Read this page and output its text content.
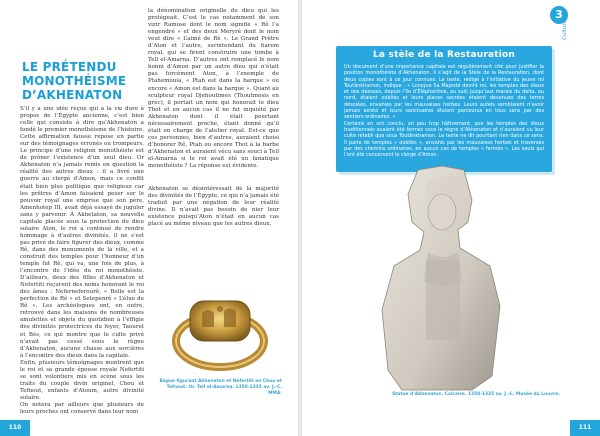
LE PRÉTENDU
MONOTHÉISME
D’AKHENATON

S’il y a une idée reçue qui a la vie dure à propos de l’Égypte ancienne, c’est bien celle qui consiste à dire qu’Akhenaton a fondé le premier monothéisme de l’histoire. Cette affirmation fausse repose en partie sur des témoignages erronés ou trompeurs. Le principe d’une religion monothéiste est de prôner l’existence d’un seul dieu. Or Akhenaton n’a jamais remis en question la réalité des autres dieux : il a livré une guerre au clergé d’Amon, mais ce conflit était bien plus politique que religieux car les prêtres d’Amon faisaient peser sur le pouvoir royal une emprise que son père, Amenhotep III, avait déjà essayé de juguler sans y parvenir. À Akhetaton, sa nouvelle capitale placée sous la protection du dieu solaire Aton, le roi a continué de rendre hommage à d’autres divinités, il ne s’est pas privé de faire figurer des dieux, comme Rê, dans des monuments de la ville, et a construit des temples pour l’honneur d’un temple fut Rê, qui va, une fois de plus, à l’encontre de l’idée du roi monothéiste. D’ailleurs, deux des filles d’Akhenaton et Nefertiti reçurent des noms honorant le roi des âmes : Neferneferourê, « Belle est la perfection de Rê » et Setepenrê « L’élue de Rê ». Les archéologues ont, en outre, retrouvé dans les maisons de nombreuses amulettes et objets du quotidien à l’effigie des divinités protectrices du foyer, Taouret et Bès, ce qui montre que le culte privé n’avait pas cessé sous le règne d’Akhenaton, aucune chasse aux sorcières à l’encontre des dieux dans la capitale.

Enfin, plusieurs témoignages montrent que le roi et sa grande épouse royale Nefertiti se sont volontiers mis en scène sous les traits du couple divin originel, Chou et Tefnout, enfants d’Atoum, autre divinité solaire.

On notera par ailleurs que plusieurs de leurs proches ont conservé dans leur nom

la dénomination originelle du dieu qui les protégeait. C’est le cas notamment de son vizir Ramose dont le nom signifie « Rê l’a engendré » et des deux Meryrê dont le nom veut dire « L’aimé de Rê ». Le Grand Prêtre d’Aton et l’autre, surintendant du harem royal, qui se firent construire une tombe à Tell el-Amarna. D’autres ont remplacé le nom honni d’Amon par un autre dieu qui n’était pas forcément Aton, à l’exemple de Ptahemouia, « Ptah est dans la barque » ou encore « Amon est dans la barque ». Quant au sculpteur royal Djehoutimes (Thoutmosis en grec), il portait un nom qui honorait le dieu Thot et en aucun cas il ne fut inquiété par Akhenaton dont il était pourtant nécessairement proche, étant donné qu’il était en charge de l’atelier royal. Est-ce que ces personnes, bien d’autres, auraient choisi d’honorer Rê, Ptah ou encore Thot à la barbe d’Akhenaton et auraient vécu sans souci à Tell el-Amarna si le roi avait été un fanatique monothéiste ? La réponse est évidente.

Akhenaton se désintéressait de la majorité des divinités de l’Égypte, ce qui n’a jamais été traduit par une négation de leur réalité divine. Il n’avait pas besoin de nier leur existence puisqu’Aton n’était en aucun cas placé au même niveau que les autres dieux.

Bague figurant Akhenaton et Nefertiti en Chou et Tefnout. Or. Tell el-Amarna. 1350-1335 av. J.-C. MMA.

110
3

Culture

La stèle de la Restauration

Un document d’une importance capitale est régulièrement cité pour justifier la position monothéiste d’Akhenaton. Il s’agit de la Stèle de la Restauration, dont deux copies sont à ce jour connues. Le texte, rédigé à l’initiative du jeune roi Toutânkhamon, indique : « Lorsque Sa Majesté devint roi, les temples des dieux et des déesses, depuis l’île d’Éléphantine, au sud, jusqu’aux marais du delta, au nord, étaient oubliés et leurs places sacrées étaient devenues des terres désolées, envahies par les mauvaises herbes. Leurs autels semblaient n’avoir jamais existé et leurs sanctuaires étaient parcourus en tous sens par des sentiers ordinaires. »

Certains en ont conclu, un peu trop hâtivement, que les temples des dieux traditionnels avaient été fermés sous le règne d’Akhenaton et n’auraient vu leur culte rétabli que sous Toutânkhamon. Le texte ne dit pourtant rien dans ce sens. Il parle de temples « oubliés », envahis par les mauvaises herbes et traversés par des chemins ordinaires, en aucun cas de temples « fermés ». Les seuls qui l’ont été concernent le clergé d’Amon.

Statue d’Akhenaton. Calcaire. 1350-1335 av. J.-C. Musée du Louvre.

111
